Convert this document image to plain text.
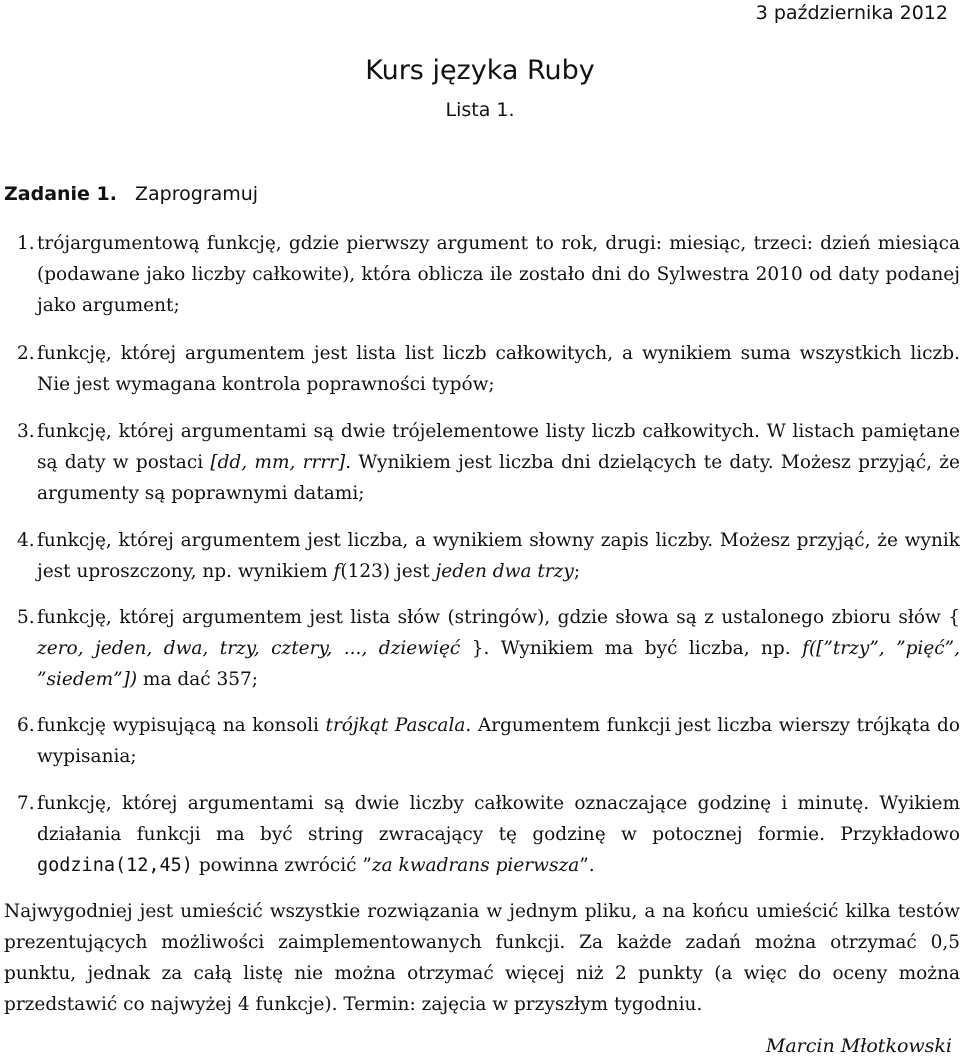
3 października 2012
Kurs języka Ruby
Lista 1.
Zadanie 1. Zaprogramuj
1. trójargumentową funkcję, gdzie pierwszy argument to rok, drugi: miesiąc, trzeci: dzień miesiąca (podawane jako liczby całkowite), która oblicza ile zostało dni do Sylwestra 2010 od daty podanej jako argument;
2. funkcję, której argumentem jest lista list liczb całkowitych, a wynikiem suma wszystkich liczb. Nie jest wymagana kontrola poprawności typów;
3. funkcję, której argumentami są dwie trójelementowe listy liczb całkowitych. W listach pamiętane są daty w postaci [dd, mm, rrrr]. Wynikiem jest liczba dni dzielących te daty. Możesz przyjąć, że argumenty są poprawnymi datami;
4. funkcję, której argumentem jest liczba, a wynikiem słowny zapis liczby. Możesz przyjąć, że wynik jest uproszczony, np. wynikiem f(123) jest jeden dwa trzy;
5. funkcję, której argumentem jest lista słów (stringów), gdzie słowa są z ustalonego zbioru słów { zero, jeden, dwa, trzy, cztery, ..., dziewięć }. Wynikiem ma być liczba, np. f([”trzy”, ”pięć”, ”siedem”]) ma dać 357;
6. funkcję wypisującą na konsoli trójkąt Pascala. Argumentem funkcji jest liczba wierszy trójkąta do wypisania;
7. funkcję, której argumentami są dwie liczby całkowite oznaczające godzinę i minutę. Wyikiem działania funkcji ma być string zwracający tę godzinę w potocznej formie. Przykładowo godzina(12,45) powinna zwrócić ”za kwadrans pierwsza”.
Najwygodniej jest umieścić wszystkie rozwiązania w jednym pliku, a na końcu umieścić kilka testów prezentujących możliwości zaimplementowanych funkcji. Za każde zadań można otrzymać 0,5 punktu, jednak za całą listę nie można otrzymać więcej niż 2 punkty (a więc do oceny można przedstawić co najwyżej 4 funkcje). Termin: zajęcia w przyszłym tygodniu.
Marcin Młotkowski
